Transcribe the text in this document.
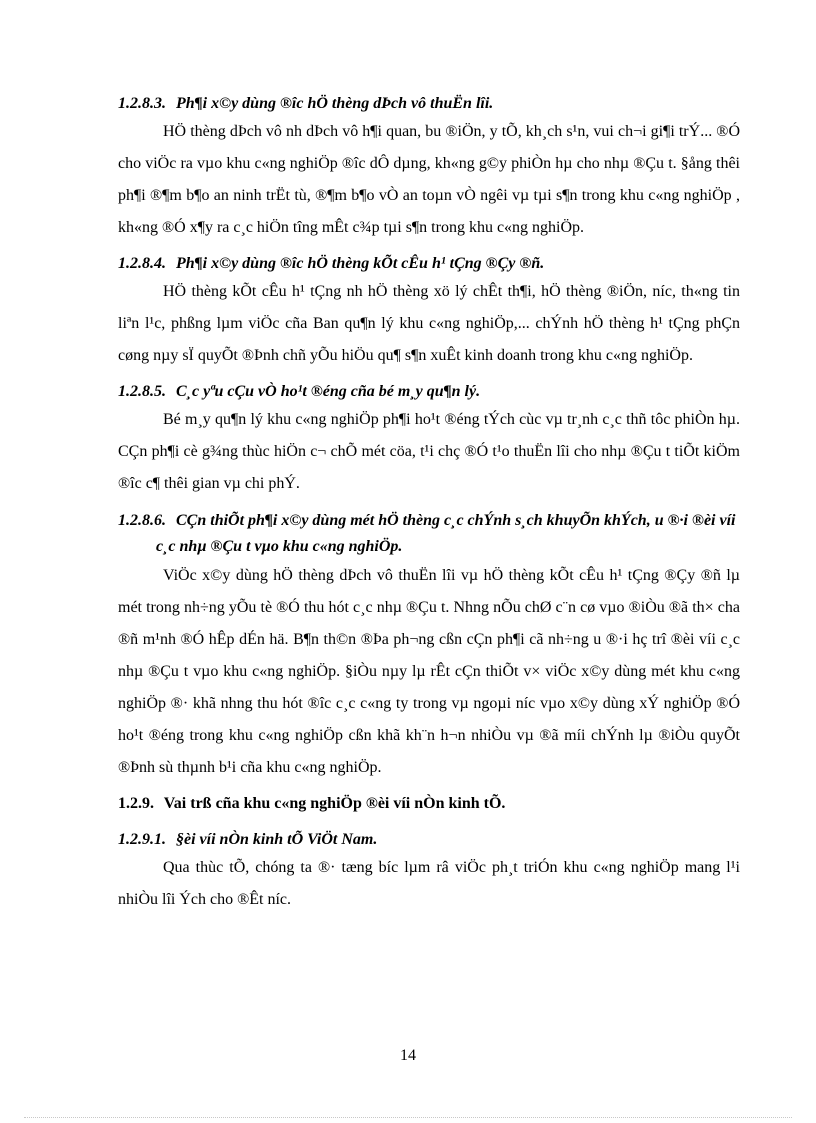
1.2.8.3. Ph¶i x©y dùng ®îc hÖ thèng dÞch vô thuËn lîi.

HÖ thèng dÞch vô nh dÞch vô h¶i quan, bu ®iÖn, y tÕ, kh¸ch s¹n, vui ch¬i gi¶i trÝ... ®Ó cho viÖc ra vµo khu c«ng nghiÖp ®îc dÔ dµng, kh«ng g©y phiÒn hµ cho nhµ ®Çu t. §ång thêi ph¶i ®¶m b¶o an ninh trËt tù, ®¶m b¶o vÒ an toµn vÒ ngêi vµ tµi s¶n trong khu c«ng nghiÖp , kh«ng ®Ó x¶y ra c¸c hiÖn tîng mÊt c¾p tµi s¶n trong khu c«ng nghiÖp.

1.2.8.4. Ph¶i x©y dùng ®îc hÖ thèng kÕt cÊu h¹ tÇng ®Çy ®ñ.

HÖ thèng kÕt cÊu h¹ tÇng nh hÖ thèng xö lý chÊt th¶i, hÖ thèng ®iÖn, níc, th«ng tin liªn l¹c, phßng lµm viÖc cña Ban qu¶n lý khu c«ng nghiÖp,... chÝnh hÖ thèng h¹ tÇng phÇn cøng nµy sÏ quyÕt ®Þnh chñ yÕu hiÖu qu¶ s¶n xuÊt kinh doanh trong khu c«ng nghiÖp.

1.2.8.5. C¸c yªu cÇu vÒ ho¹t ®éng cña bé m¸y qu¶n lý.

Bé m¸y qu¶n lý khu c«ng nghiÖp ph¶i ho¹t ®éng tÝch cùc vµ tr¸nh c¸c thñ tôc phiÒn hµ. CÇn ph¶i cè g¾ng thùc hiÖn c¬ chÕ mét cöa, t¹i chç ®Ó t¹o thuËn lîi cho nhµ ®Çu t tiÕt kiÖm ®îc c¶ thêi gian vµ chi phÝ.

1.2.8.6. CÇn thiÕt ph¶i x©y dùng mét hÖ thèng c¸c chÝnh s¸ch khuyÕn khÝch, u ®·i ®èi víi c¸c nhµ ®Çu t vµo khu c«ng nghiÖp.

ViÖc x©y dùng hÖ thèng dÞch vô thuËn lîi vµ hÖ thèng kÕt cÊu h¹ tÇng ®Çy ®ñ lµ mét trong nh÷ng yÕu tè ®Ó thu hót c¸c nhµ ®Çu t. Nhng nÕu chØ c¨n cø vµo ®iÒu ®ã th× cha ®ñ m¹nh ®Ó hÊp dÉn hä. B¶n th©n ®Þa ph¬ng cßn cÇn ph¶i cã nh÷ng u ®·i hç trî ®èi víi c¸c nhµ ®Çu t vµo khu c«ng nghiÖp. §iÒu nµy lµ rÊt cÇn thiÕt v× viÖc x©y dùng mét khu c«ng nghiÖp ®· khã nhng thu hót ®îc c¸c c«ng ty trong vµ ngoµi níc vµo x©y dùng xÝ nghiÖp ®Ó ho¹t ®éng trong khu c«ng nghiÖp cßn khã kh¨n h¬n nhiÒu vµ ®ã míi chÝnh lµ ®iÒu quyÕt ®Þnh sù thµnh b¹i cña khu c«ng nghiÖp.

1.2.9. Vai trß cña khu c«ng nghiÖp ®èi víi nÒn kinh tÕ.
1.2.9.1. §èi víi nÒn kinh tÕ ViÖt Nam.

Qua thùc tÕ, chóng ta ®· tæng bíc lµm râ viÖc ph¸t triÓn khu c«ng nghiÖp mang l¹i nhiÒu lîi Ých cho ®Êt níc.

14
